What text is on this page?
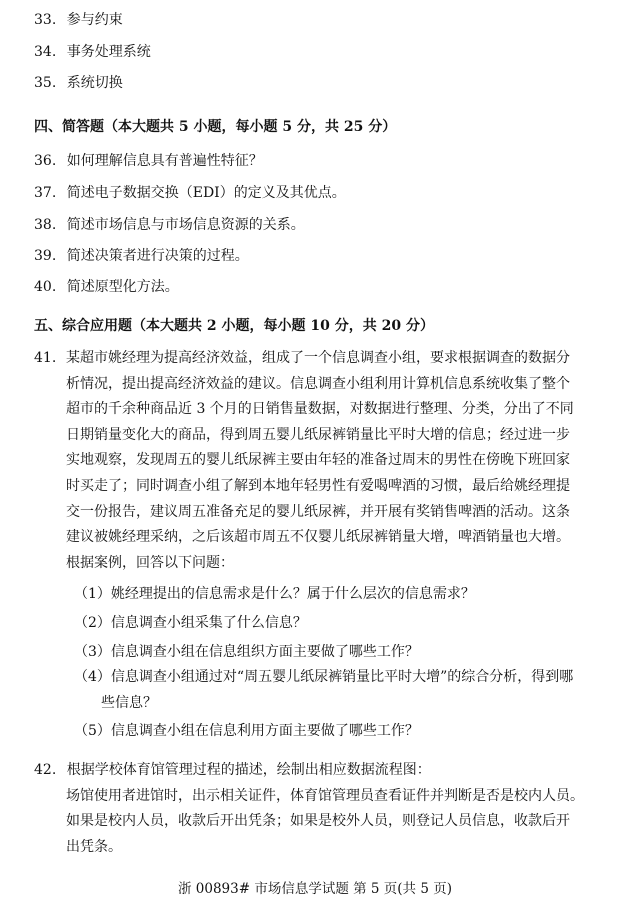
33. 参与约束
34. 事务处理系统
35. 系统切换
四、简答题（本大题共 5 小题，每小题 5 分，共 25 分）
36. 如何理解信息具有普遍性特征？
37. 简述电子数据交换（EDI）的定义及其优点。
38. 简述市场信息与市场信息资源的关系。
39. 简述决策者进行决策的过程。
40. 简述原型化方法。
五、综合应用题（本大题共 2 小题，每小题 10 分，共 20 分）
41. 某超市姚经理为提高经济效益，组成了一个信息调查小组，要求根据调查的数据分
析情况，提出提高经济效益的建议。信息调查小组利用计算机信息系统收集了整个
超市的千余种商品近 3 个月的日销售量数据，对数据进行整理、分类，分出了不同
日期销量变化大的商品，得到周五婴儿纸尿裤销量比平时大增的信息；经过进一步
实地观察，发现周五的婴儿纸尿裤主要由年轻的准备过周末的男性在傍晚下班回家
时买走了；同时调查小组了解到本地年轻男性有爱喝啤酒的习惯，最后给姚经理提
交一份报告，建议周五准备充足的婴儿纸尿裤，并开展有奖销售啤酒的活动。这条
建议被姚经理采纳，之后该超市周五不仅婴儿纸尿裤销量大增，啤酒销量也大增。
根据案例，回答以下问题：
（1）姚经理提出的信息需求是什么？属于什么层次的信息需求？
（2）信息调查小组采集了什么信息？
（3）信息调查小组在信息组织方面主要做了哪些工作？
（4）信息调查小组通过对“周五婴儿纸尿裤销量比平时大增”的综合分析，得到哪
些信息？
（5）信息调查小组在信息利用方面主要做了哪些工作？
42. 根据学校体育馆管理过程的描述，绘制出相应数据流程图：
场馆使用者进馆时，出示相关证件，体育馆管理员查看证件并判断是否是校内人员。
如果是校内人员，收款后开出凭条；如果是校外人员，则登记人员信息，收款后开
出凭条。
浙 00893# 市场信息学试题 第 5 页(共 5 页)
